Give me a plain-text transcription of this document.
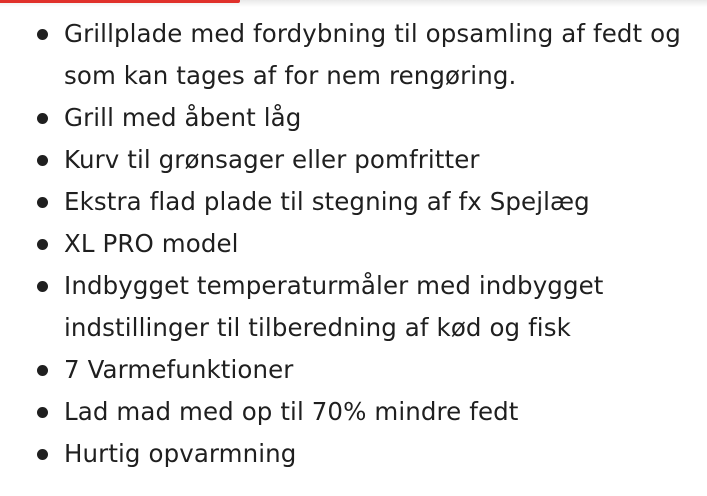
Grillplade med fordybning til opsamling af fedt og som kan tages af for nem rengøring.
Grill med åbent låg
Kurv til grønsager eller pomfritter
Ekstra flad plade til stegning af fx Spejlæg
XL PRO model
Indbygget temperaturmåler med indbygget indstillinger til tilberedning af kød og fisk
7 Varmefunktioner
Lad mad med op til 70% mindre fedt
Hurtig opvarmning
